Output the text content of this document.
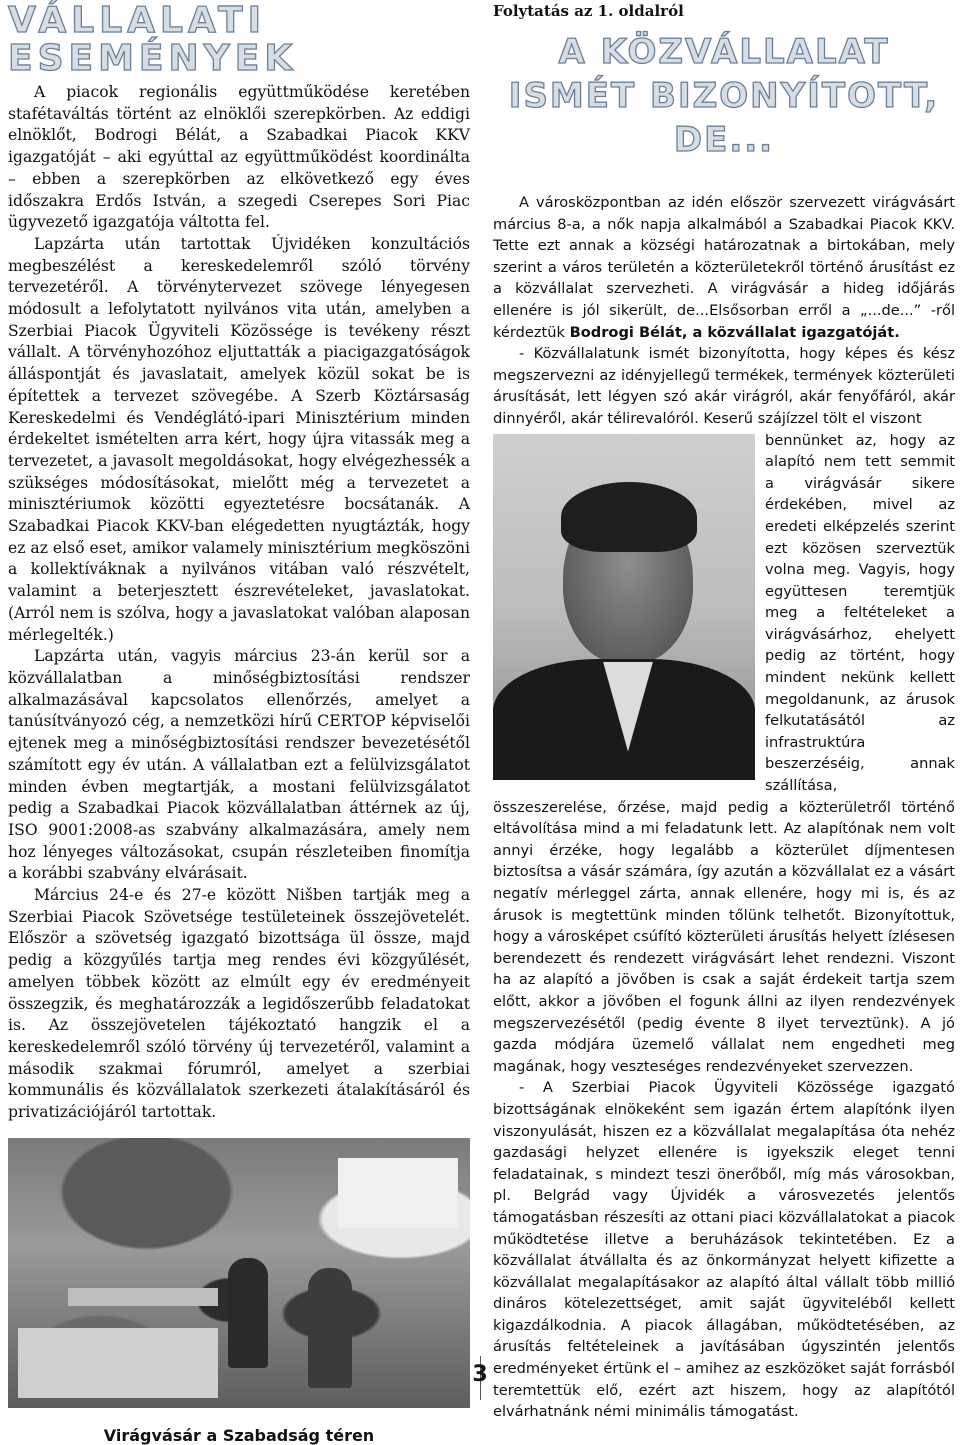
VÁLLALATI ESEMÉNYEK

A piacok regionális együttműködése keretében stafétaváltás történt az elnöklői szerepkörben. Az eddigi elnöklőt, Bodrogi Bélát, a Szabadkai Piacok KKV igazgatóját – aki egyúttal az együttműködést koordinálta – ebben a szerepkörben az elkövetkező egy éves időszakra Erdős István, a szegedi Cserepes Sori Piac ügyvezető igazgatója váltotta fel.

Lapzárta után tartottak Újvidéken konzultációs megbeszélést a kereskedelemről szóló törvény tervezetéről. A törvénytervezet szövege lényegesen módosult a lefolytatott nyilvános vita után, amelyben a Szerbiai Piacok Ügyviteli Közössége is tevékeny részt vállalt. A törvényhozóhoz eljuttatták a piacigazgatóságok álláspontját és javaslatait, amelyek közül sokat be is építettek a tervezet szövegébe. A Szerb Köztársaság Kereskedelmi és Vendéglátó-ipari Minisztérium minden érdekeltet ismételten arra kért, hogy újra vitassák meg a tervezetet, a javasolt megoldásokat, hogy elvégezhessék a szükséges módosításokat, mielőtt még a tervezetet a minisztériumok közötti egyeztetésre bocsátanák. A Szabadkai Piacok KKV-ban elégedetten nyugtázták, hogy ez az első eset, amikor valamely minisztérium megköszöni a kollektíváknak a nyilvános vitában való részvételt, valamint a beterjesztett észrevételeket, javaslatokat. (Arról nem is szólva, hogy a javaslatokat valóban alaposan mérlegelték.)

Lapzárta után, vagyis március 23-án kerül sor a közvállalatban a minőségbiztosítási rendszer alkalmazásával kapcsolatos ellenőrzés, amelyet a tanúsítványozó cég, a nemzetközi hírű CERTOP képviselői ejtenek meg a minőségbiztosítási rendszer bevezetésétől számított egy év után. A vállalatban ezt a felülvizsgálatot minden évben megtartják, a mostani felülvizsgálatot pedig a Szabadkai Piacok közvállalatban áttérnek az új, ISO 9001:2008-as szabvány alkalmazására, amely nem hoz lényeges változásokat, csupán részleteiben finomítja a korábbi szabvány elvárásait.

Március 24-e és 27-e között Nišben tartják meg a Szerbiai Piacok Szövetsége testületeinek összejövetelét. Először a szövetség igazgató bizottsága ül össze, majd pedig a közgyűlés tartja meg rendes évi közgyűlését, amelyen többek között az elmúlt egy év eredményeit összegzik, és meghatározzák a legidőszerűbb feladatokat is. Az összejövetelen tájékoztató hangzik el a kereskedelemről szóló törvény új tervezetéről, valamint a második szakmai fórumról, amelyet a szerbiai kommunális és közvállalatok szerkezeti átalakításáról és privatizációjáról tartottak.

Virágvásár a Szabadság téren
3

Folytatás az 1. oldalról

A KÖZVÁLLALAT
ISMÉT BIZONYÍTOTT, DE...

A városközpontban az idén először szervezett virágvásárt március 8-a, a nők napja alkalmából a Szabadkai Piacok KKV. Tette ezt annak a községi határozatnak a birtokában, mely szerint a város területén a közterületekről történő árusítást ez a közvállalat szervezheti. A virágvásár a hideg időjárás ellenére is jól sikerült, de...Elsősorban erről a „...de...” -ről kérdeztük Bodrogi Bélát, a közvállalat igazgatóját.

- Közvállalatunk ismét bizonyította, hogy képes és kész megszervezni az idényjellegű termékek, termények közterületi árusítását, lett légyen szó akár virágról, akár fenyőfáról, akár dinnyéről, akár télirevalóról. Keserű szájízzel tölt el viszont

bennünket az, hogy az alapító nem tett semmit a virágvásár sikere érdekében, mivel az eredeti elképzelés szerint ezt közösen szerveztük volna meg. Vagyis, hogy együttesen teremtjük meg a feltételeket a virágvásárhoz, ehelyett pedig az történt, hogy mindent nekünk kellett megoldanunk, az árusok felkutatásától az infrastruktúra beszerzéséig, annak szállítása, összeszerelése, őrzése, majd pedig a közterületről történő eltávolítása mind a mi feladatunk lett. Az alapítónak nem volt annyi érzéke, hogy legalább a közterület díjmentesen biztosítsa a vásár számára, így azután a közvállalat ez a vásárt negatív mérleggel zárta, annak ellenére, hogy mi is, és az árusok is megtettünk minden tőlünk telhetőt. Bizonyítottuk, hogy a városképet csúfító közterületi árusítás helyett ízlésesen berendezett és rendezett virágvásárt lehet rendezni. Viszont ha az alapító a jövőben is csak a saját érdekeit tartja szem előtt, akkor a jövőben el fogunk állni az ilyen rendezvények megszervezésétől (pedig évente 8 ilyet terveztünk). A jó gazda módjára üzemelő vállalat nem engedheti meg magának, hogy veszteséges rendezvényeket szervezzen.

- A Szerbiai Piacok Ügyviteli Közössége igazgató bizottságának elnökeként sem igazán értem alapítónk ilyen viszonyulását, hiszen ez a közvállalat megalapítása óta nehéz gazdasági helyzet ellenére is igyekszik eleget tenni feladatainak, s mindezt teszi önerőből, míg más városokban, pl. Belgrád vagy Újvidék a városvezetés jelentős támogatásban részesíti az ottani piaci közvállalatokat a piacok működtetése illetve a beruházások tekintetében. Ez a közvállalat átvállalta és az önkormányzat helyett kifizette a közvállalat megalapításakor az alapító által vállalt több millió dináros kötelezettséget, amit saját ügyviteléből kellett kigazdálkodnia. A piacok állagában, működtetésében, az árusítás feltételeinek a javításában úgyszintén jelentős eredményeket értünk el – amihez az eszközöket saját forrásból teremtettük elő, ezért azt hiszem, hogy az alapítótól elvárhatnánk némi minimális támogatást.
